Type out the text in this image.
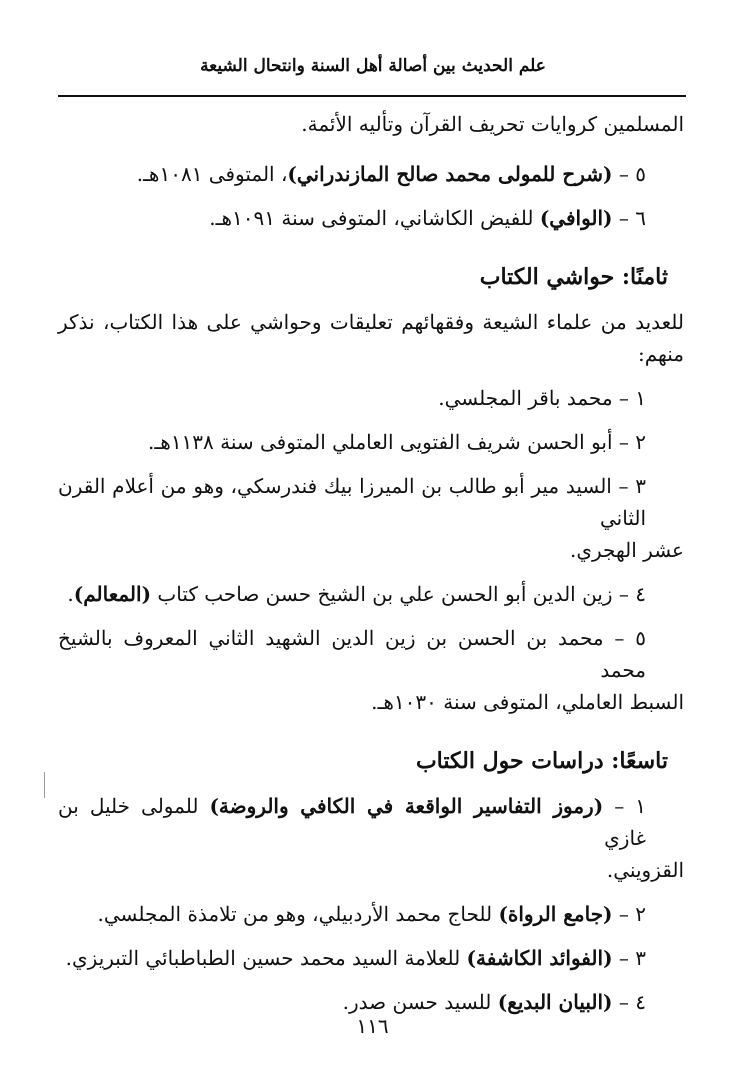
علم الحديث بين أصالة أهل السنة وانتحال الشيعة
المسلمين كروايات تحريف القرآن وتأليه الأئمة.
٥ – (شرح للمولى محمد صالح المازندراني)، المتوفى ١٠٨١هـ.
٦ – (الوافي) للفيض الكاشاني، المتوفى سنة ١٠٩١هـ.
ثامنًا: حواشي الكتاب
للعديد من علماء الشيعة وفقهائهم تعليقات وحواشي على هذا الكتاب، نذكر
منهم:
١ – محمد باقر المجلسي.
٢ – أبو الحسن شريف الفتويى العاملي المتوفى سنة ١١٣٨هـ.
٣ – السيد مير أبو طالب بن الميرزا بيك فندرسكي، وهو من أعلام القرن الثاني
عشر الهجري.
٤ – زين الدين أبو الحسن علي بن الشيخ حسن صاحب كتاب (المعالم).
٥ – محمد بن الحسن بن زين الدين الشهيد الثاني المعروف بالشيخ محمد
السبط العاملي، المتوفى سنة ١٠٣٠هـ.
تاسعًا: دراسات حول الكتاب
١ – (رموز التفاسير الواقعة في الكافي والروضة) للمولى خليل بن غازي
القزويني.
٢ – (جامع الرواة) للحاج محمد الأردبيلي، وهو من تلامذة المجلسي.
٣ – (الفوائد الكاشفة) للعلامة السيد محمد حسين الطباطبائي التبريزي.
٤ – (البيان البديع) للسيد حسن صدر.
١١٦
